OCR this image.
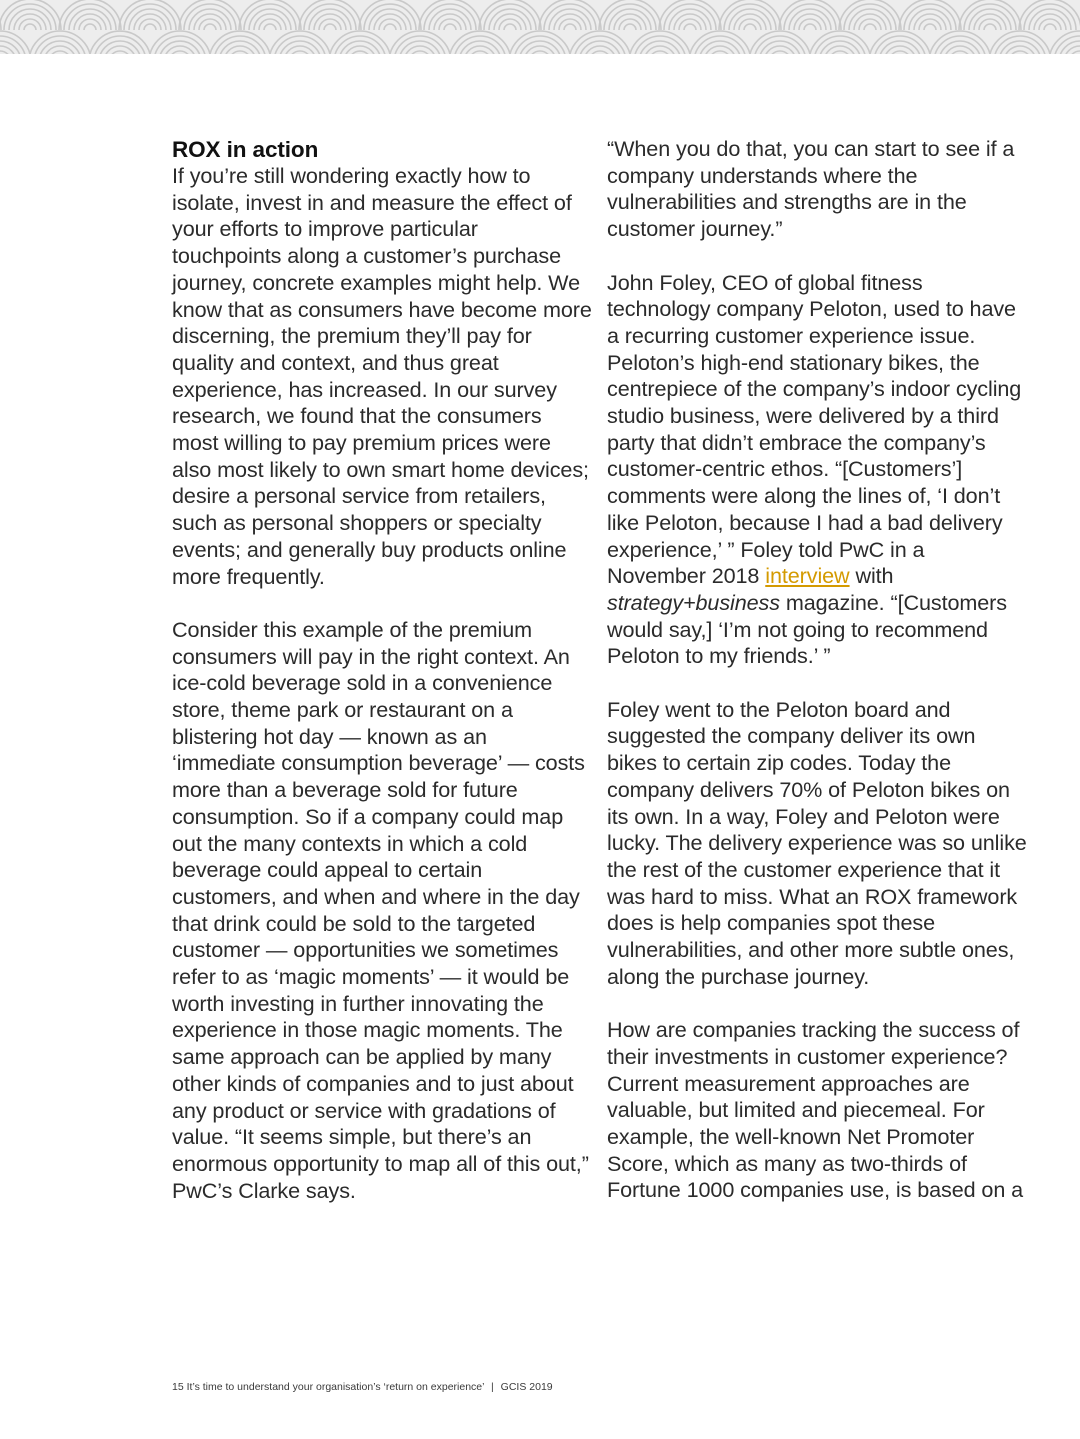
ROX in action

If you’re still wondering exactly how to isolate, invest in and measure the effect of your efforts to improve particular touchpoints along a customer’s purchase journey, concrete examples might help. We know that as consumers have become more discerning, the premium they’ll pay for quality and context, and thus great experience, has increased. In our survey research, we found that the consumers most willing to pay premium prices were also most likely to own smart home devices; desire a personal service from retailers, such as personal shoppers or specialty events; and generally buy products online more frequently.

Consider this example of the premium consumers will pay in the right context. An ice-cold beverage sold in a convenience store, theme park or restaurant on a blistering hot day — known as an ‘immediate consumption beverage’ — costs more than a beverage sold for future consumption. So if a company could map out the many contexts in which a cold beverage could appeal to certain customers, and when and where in the day that drink could be sold to the targeted customer — opportunities we sometimes refer to as ‘magic moments’ — it would be worth investing in further innovating the experience in those magic moments. The same approach can be applied by many other kinds of companies and to just about any product or service with gradations of value. “It seems simple, but there’s an enormous opportunity to map all of this out,” PwC’s Clarke says.

“When you do that, you can start to see if a company understands where the vulnerabilities and strengths are in the customer journey.”

John Foley, CEO of global fitness technology company Peloton, used to have a recurring customer experience issue. Peloton’s high-end stationary bikes, the centrepiece of the company’s indoor cycling studio business, were delivered by a third party that didn’t embrace the company’s customer-centric ethos. “[Customers’] comments were along the lines of, ‘I don’t like Peloton, because I had a bad delivery experience,’ ” Foley told PwC in a November 2018 interview with strategy+business magazine. “[Customers would say,] ‘I’m not going to recommend Peloton to my friends.’ ”

Foley went to the Peloton board and suggested the company deliver its own bikes to certain zip codes. Today the company delivers 70% of Peloton bikes on its own. In a way, Foley and Peloton were lucky. The delivery experience was so unlike the rest of the customer experience that it was hard to miss. What an ROX framework does is help companies spot these vulnerabilities, and other more subtle ones, along the purchase journey.

How are companies tracking the success of their investments in customer experience? Current measurement approaches are valuable, but limited and piecemeal. For example, the well-known Net Promoter Score, which as many as two-thirds of Fortune 1000 companies use, is based on a

15 It’s time to understand your organisation’s ‘return on experience’ | GCIS 2019
